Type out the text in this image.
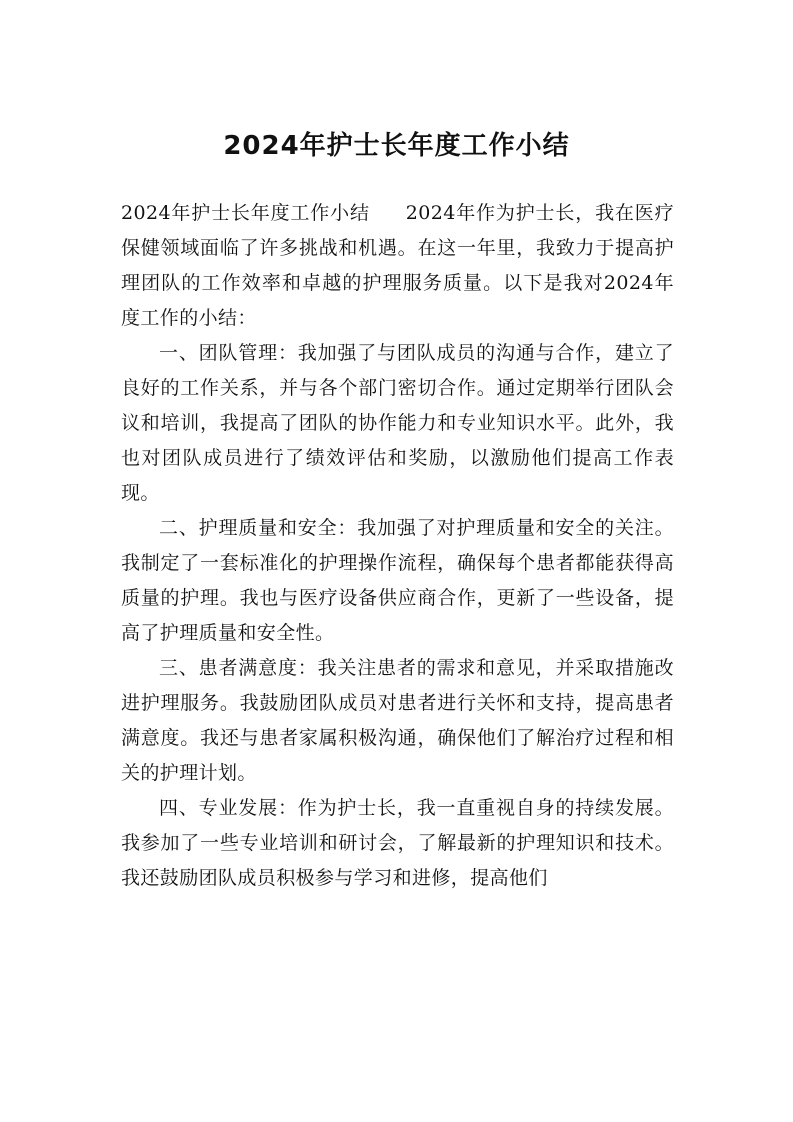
2024年护士长年度工作小结

2024年护士长年度工作小结 2024年作为护士长，我在医疗保健领域面临了许多挑战和机遇。在这一年里，我致力于提高护理团队的工作效率和卓越的护理服务质量。以下是我对2024年度工作的小结：

一、团队管理：我加强了与团队成员的沟通与合作，建立了良好的工作关系，并与各个部门密切合作。通过定期举行团队会议和培训，我提高了团队的协作能力和专业知识水平。此外，我也对团队成员进行了绩效评估和奖励，以激励他们提高工作表现。

二、护理质量和安全：我加强了对护理质量和安全的关注。我制定了一套标准化的护理操作流程，确保每个患者都能获得高质量的护理。我也与医疗设备供应商合作，更新了一些设备，提高了护理质量和安全性。

三、患者满意度：我关注患者的需求和意见，并采取措施改进护理服务。我鼓励团队成员对患者进行关怀和支持，提高患者满意度。我还与患者家属积极沟通，确保他们了解治疗过程和相关的护理计划。

四、专业发展：作为护士长，我一直重视自身的持续发展。我参加了一些专业培训和研讨会，了解最新的护理知识和技术。我还鼓励团队成员积极参与学习和进修，提高他们
